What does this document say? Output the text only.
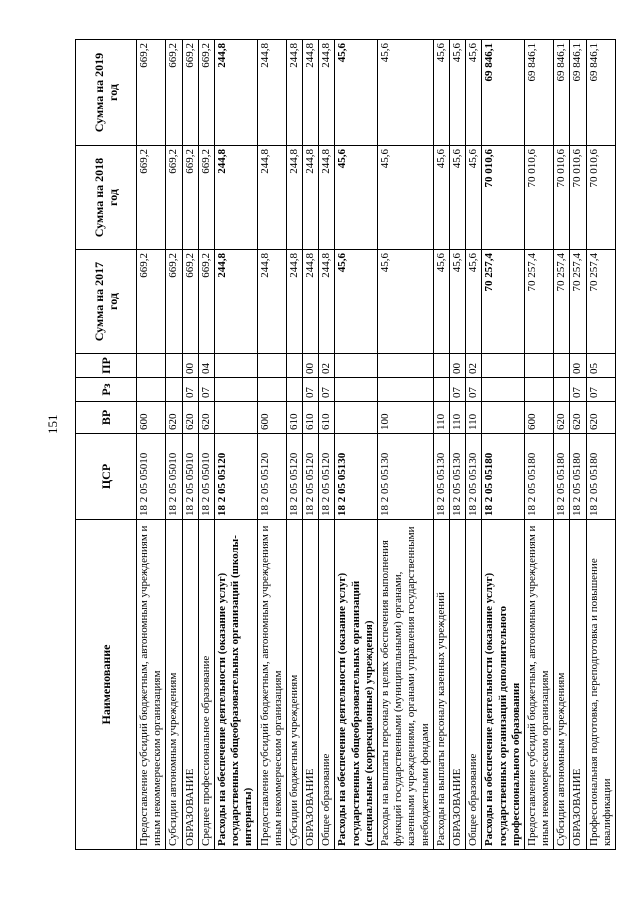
151
Наименование	ЦСР	ВР	Рз	ПР	Сумма на 2017 год	Сумма на 2018 год	Сумма на 2019 год
Предоставление субсидий бюджетным, автономным учреждениям и иным некоммерческим организациям	18 2 05 05010	600			669,2	669,2	669,2
Субсидии автономным учреждениям	18 2 05 05010	620			669,2	669,2	669,2
ОБРАЗОВАНИЕ	18 2 05 05010	620	07	00	669,2	669,2	669,2
Среднее профессиональное образование	18 2 05 05010	620	07	04	669,2	669,2	669,2
Расходы на обеспечение деятельности (оказание услуг) государственных общеобразовательных организаций (школы-интернаты)	18 2 05 05120				244,8	244,8	244,8
Предоставление субсидий бюджетным, автономным учреждениям и иным некоммерческим организациям	18 2 05 05120	600			244,8	244,8	244,8
Субсидии бюджетным учреждениям	18 2 05 05120	610			244,8	244,8	244,8
ОБРАЗОВАНИЕ	18 2 05 05120	610	07	00	244,8	244,8	244,8
Общее образование	18 2 05 05120	610	07	02	244,8	244,8	244,8
Расходы на обеспечение деятельности (оказание услуг) государственных общеобразовательных организаций (специальные (коррекционные) учреждения)	18 2 05 05130				45,6	45,6	45,6
Расходы на выплаты персоналу в целях обеспечения выполнения функций государственными (муниципальными) органами, казенными учреждениями, органами управления государственными внебюджетными фондами	18 2 05 05130	100			45,6	45,6	45,6
Расходы на выплаты персоналу казенных учреждений	18 2 05 05130	110			45,6	45,6	45,6
ОБРАЗОВАНИЕ	18 2 05 05130	110	07	00	45,6	45,6	45,6
Общее образование	18 2 05 05130	110	07	02	45,6	45,6	45,6
Расходы на обеспечение деятельности (оказание услуг) государственных организаций дополнительного профессионального образования	18 2 05 05180				70 257,4	70 010,6	69 846,1
Предоставление субсидий бюджетным, автономным учреждениям и иным некоммерческим организациям	18 2 05 05180	600			70 257,4	70 010,6	69 846,1
Субсидии автономным учреждениям	18 2 05 05180	620			70 257,4	70 010,6	69 846,1
ОБРАЗОВАНИЕ	18 2 05 05180	620	07	00	70 257,4	70 010,6	69 846,1
Профессиональная подготовка, переподготовка и повышение квалификации	18 2 05 05180	620	07	05	70 257,4	70 010,6	69 846,1
